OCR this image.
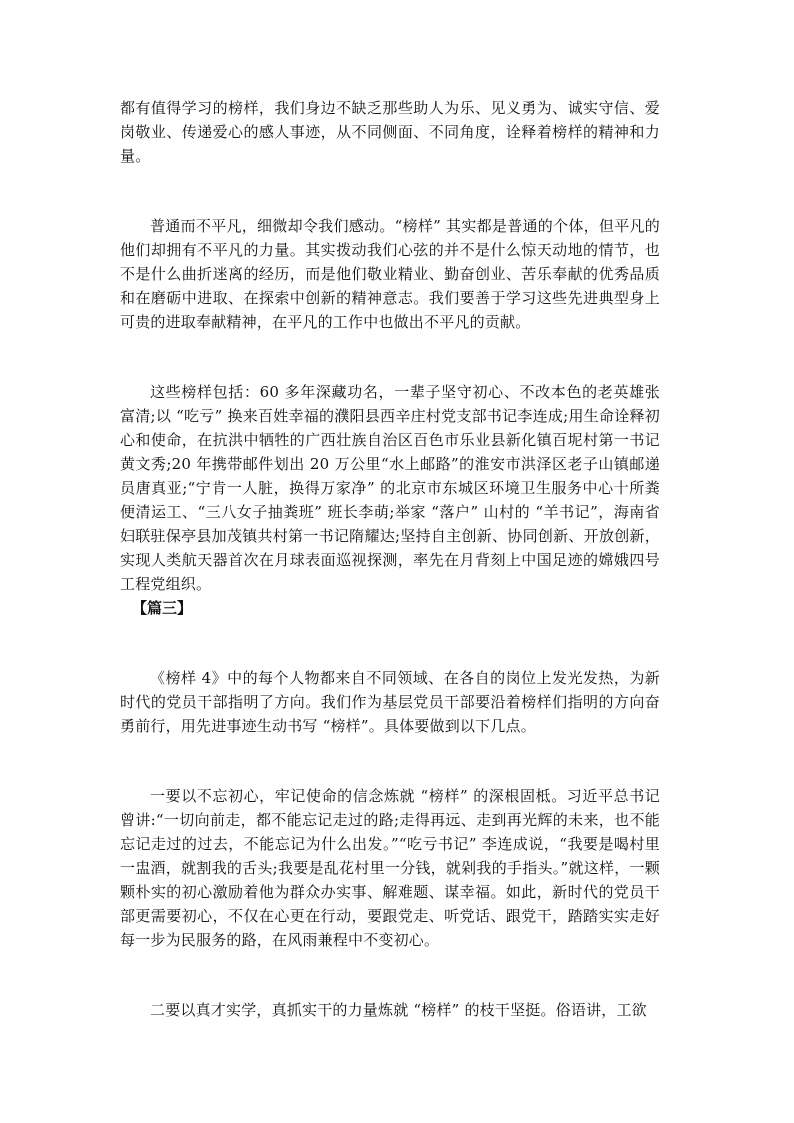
都有值得学习的榜样，我们身边不缺乏那些助人为乐、见义勇为、诚实守信、爱岗敬业、传递爱心的感人事迹，从不同侧面、不同角度，诠释着榜样的精神和力量。

普通而不平凡，细微却令我们感动。“榜样” 其实都是普通的个体，但平凡的他们却拥有不平凡的力量。其实拨动我们心弦的并不是什么惊天动地的情节，也不是什么曲折迷离的经历，而是他们敬业精业、勤奋创业、苦乐奉献的优秀品质和在磨砺中进取、在探索中创新的精神意志。我们要善于学习这些先进典型身上可贵的进取奉献精神，在平凡的工作中也做出不平凡的贡献。

这些榜样包括：60 多年深藏功名，一辈子坚守初心、不改本色的老英雄张富清;以 “吃亏” 换来百姓幸福的濮阳县西辛庄村党支部书记李连成;用生命诠释初心和使命，在抗洪中牺牲的广西壮族自治区百色市乐业县新化镇百坭村第一书记黄文秀;20 年携带邮件划出 20 万公里“水上邮路”的淮安市洪泽区老子山镇邮递员唐真亚;“宁肯一人脏，换得万家净” 的北京市东城区环境卫生服务中心十所粪便清运工、“三八女子抽粪班” 班长李萌;举家 “落户” 山村的 “羊书记”，海南省妇联驻保亭县加茂镇共村第一书记隋耀达;坚持自主创新、协同创新、开放创新，实现人类航天器首次在月球表面巡视探测，率先在月背刻上中国足迹的嫦娥四号工程党组织。

【篇三】

《榜样 4》中的每个人物都来自不同领域、在各自的岗位上发光发热，为新时代的党员干部指明了方向。我们作为基层党员干部要沿着榜样们指明的方向奋勇前行，用先进事迹生动书写 “榜样”。具体要做到以下几点。

一要以不忘初心，牢记使命的信念炼就 “榜样” 的深根固柢。习近平总书记曾讲:“一切向前走，都不能忘记走过的路;走得再远、走到再光辉的未来，也不能忘记走过的过去，不能忘记为什么出发。”“吃亏书记” 李连成说，“我要是喝村里一盅酒，就割我的舌头;我要是乱花村里一分钱，就剁我的手指头。”就这样，一颗颗朴实的初心激励着他为群众办实事、解难题、谋幸福。如此，新时代的党员干部更需要初心，不仅在心更在行动，要跟党走、听党话、跟党干，踏踏实实走好每一步为民服务的路，在风雨兼程中不变初心。

二要以真才实学，真抓实干的力量炼就 “榜样” 的枝干坚挺。俗语讲，工欲
